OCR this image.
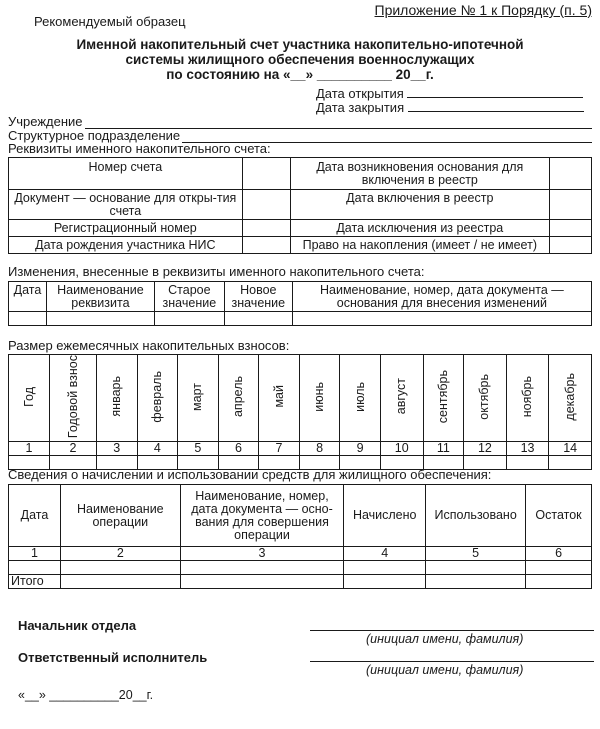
Приложение № 1 к Порядку (п. 5)
Рекомендуемый образец
Именной накопительный счет участника накопительно-ипотечной
системы жилищного обеспечения военнослужащих
по состоянию на «__» __________ 20__г.
Дата открытия
Дата закрытия
Учреждение
Структурное подразделение
Реквизиты именного накопительного счета:
Номер счета		Дата возникновения основания для включения в реестр	
Документ — основание для откры-тия счета		Дата включения в реестр	
Регистрационный номер		Дата исключения из реестра	
Дата рождения участника НИС		Право на накопления (имеет / не имеет)	
Изменения, внесенные в реквизиты именного накопительного счета:
Дата	Наименование реквизита	Старое значение	Новое значение	Наименование, номер, дата документа — основания для внесения изменений

Размер ежемесячных накопительных взносов:
Год	Годовой взнос	январь	февраль	март	апрель	май	июнь	июль	август	сентябрь	октябрь	ноябрь	декабрь
1	2	3	4	5	6	7	8	9	10	11	12	13	14

Сведения о начислении и использовании средств для жилищного обеспечения:
Дата	Наименование операции	Наименование, номер, дата документа — осно-вания для совершения операции	Начислено	Использовано	Остаток
1	2	3	4	5	6

Итого					
Начальник отдела
(инициал имени, фамилия)
Ответственный исполнитель
(инициал имени, фамилия)
«__» __________20__г.
